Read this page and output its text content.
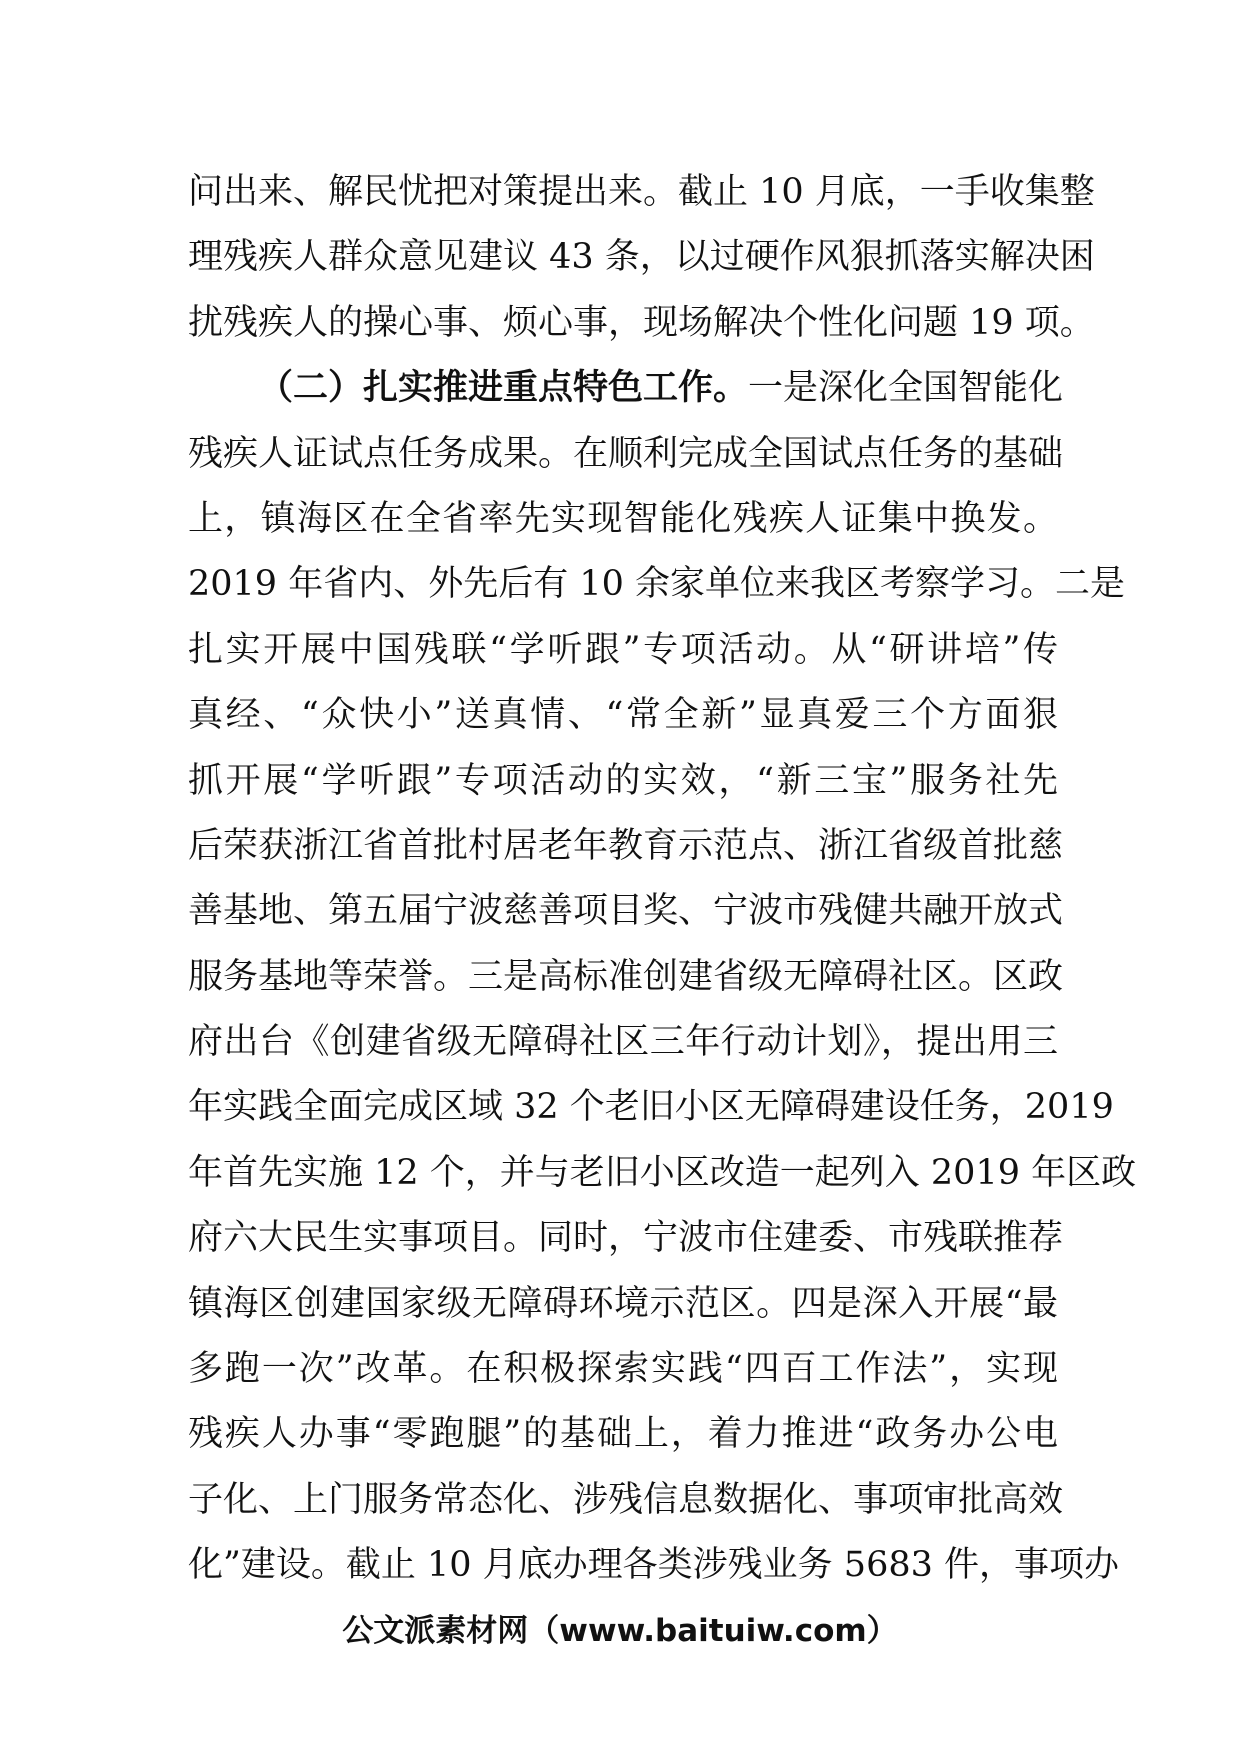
问出来、解民忧把对策提出来。截止 10 月底，一手收集整
理残疾人群众意见建议 43 条，以过硬作风狠抓落实解决困
扰残疾人的操心事、烦心事，现场解决个性化问题 19 项。
（二）扎实推进重点特色工作。一是深化全国智能化
残疾人证试点任务成果。在顺利完成全国试点任务的基础
上，镇海区在全省率先实现智能化残疾人证集中换发。
2019 年省内、外先后有 10 余家单位来我区考察学习。二是
扎实开展中国残联“学听跟”专项活动。从“研讲培”传
真经、“众快小”送真情、“常全新”显真爱三个方面狠
抓开展“学听跟”专项活动的实效，“新三宝”服务社先
后荣获浙江省首批村居老年教育示范点、浙江省级首批慈
善基地、第五届宁波慈善项目奖、宁波市残健共融开放式
服务基地等荣誉。三是高标准创建省级无障碍社区。区政
府出台《创建省级无障碍社区三年行动计划》，提出用三
年实践全面完成区域 32 个老旧小区无障碍建设任务，2019
年首先实施 12 个，并与老旧小区改造一起列入 2019 年区政
府六大民生实事项目。同时，宁波市住建委、市残联推荐
镇海区创建国家级无障碍环境示范区。四是深入开展“最
多跑一次”改革。在积极探索实践“四百工作法”，实现
残疾人办事“零跑腿”的基础上，着力推进“政务办公电
子化、上门服务常态化、涉残信息数据化、事项审批高效
化”建设。截止 10 月底办理各类涉残业务 5683 件，事项办
公文派素材网（www.baituiw.com）
